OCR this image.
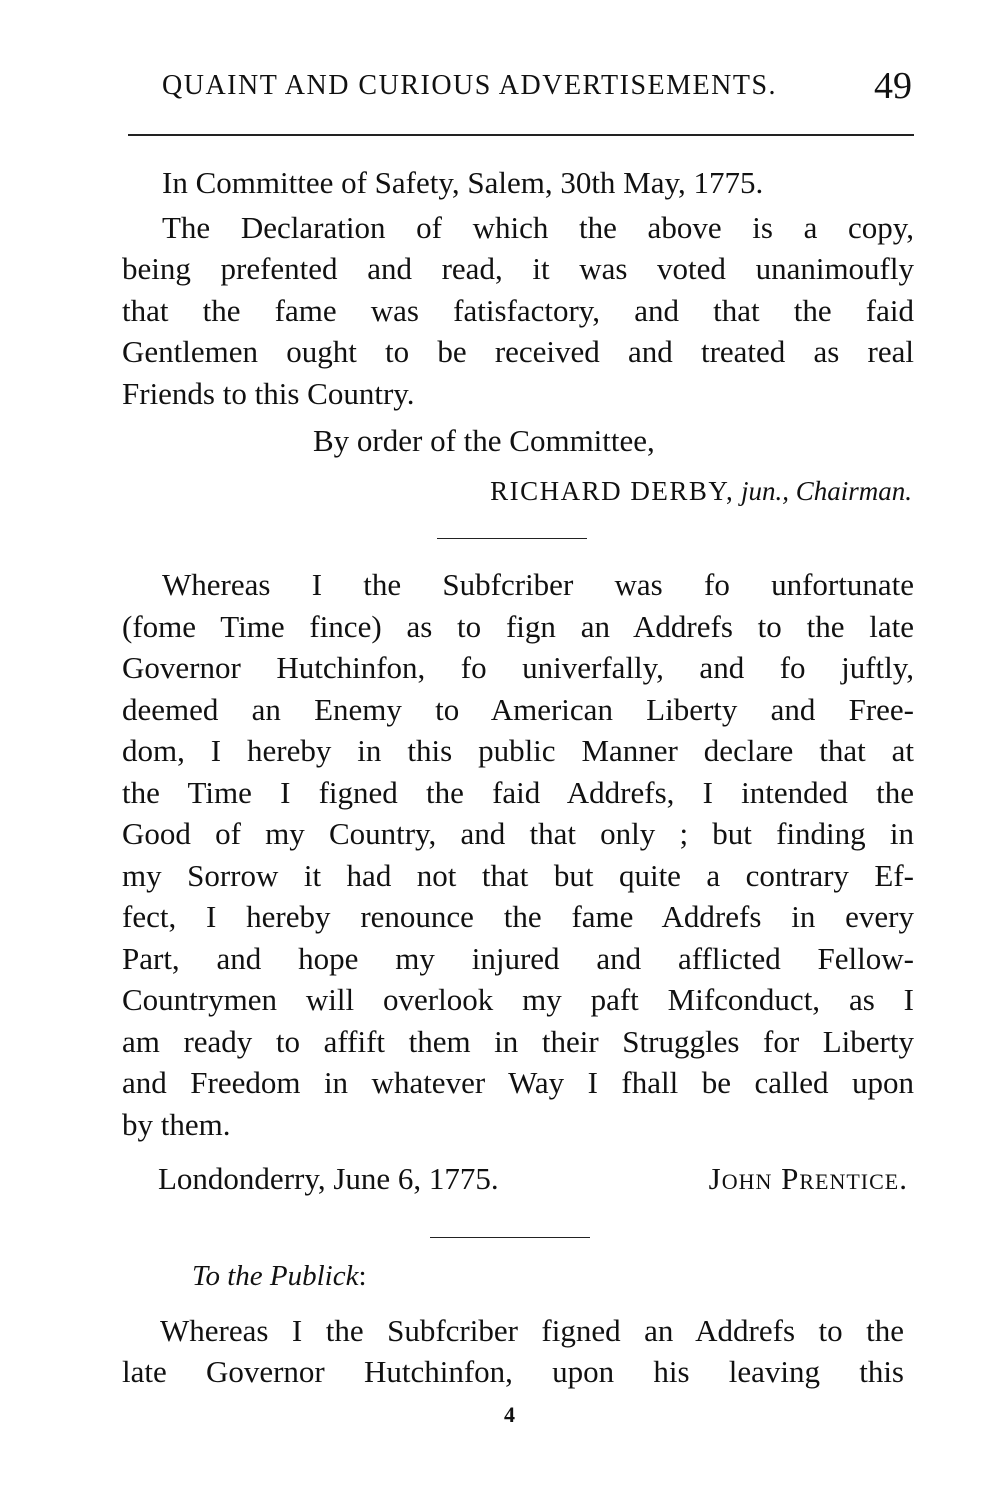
QUAINT AND CURIOUS ADVERTISEMENTS.	49
In Committee of Safety, Salem, 30th May, 1775.
The Declaration of which the above is a copy,
being prefented and read, it was voted unanimoufly
that the fame was fatisfactory, and that the faid
Gentlemen ought to be received and treated as real
Friends to this Country.
By order of the Committee,
RICHARD DERBY, jun., Chairman.
Whereas I the Subfcriber was fo unfortunate
(fome Time fince) as to fign an Addrefs to the late
Governor Hutchinfon, fo univerfally, and fo juftly,
deemed an Enemy to American Liberty and Free-
dom, I hereby in this public Manner declare that at
the Time I figned the faid Addrefs, I intended the
Good of my Country, and that only ; but finding in
my Sorrow it had not that but quite a contrary Ef-
fect, I hereby renounce the fame Addrefs in every
Part, and hope my injured and afflicted Fellow-
Countrymen will overlook my paft Mifconduct, as I
am ready to affift them in their Struggles for Liberty
and Freedom in whatever Way I fhall be called upon
by them.
Londonderry, June 6, 1775.	John Prentice.
To the Publick:
Whereas I the Subfcriber figned an Addrefs to the
late Governor Hutchinfon, upon his leaving this
4
